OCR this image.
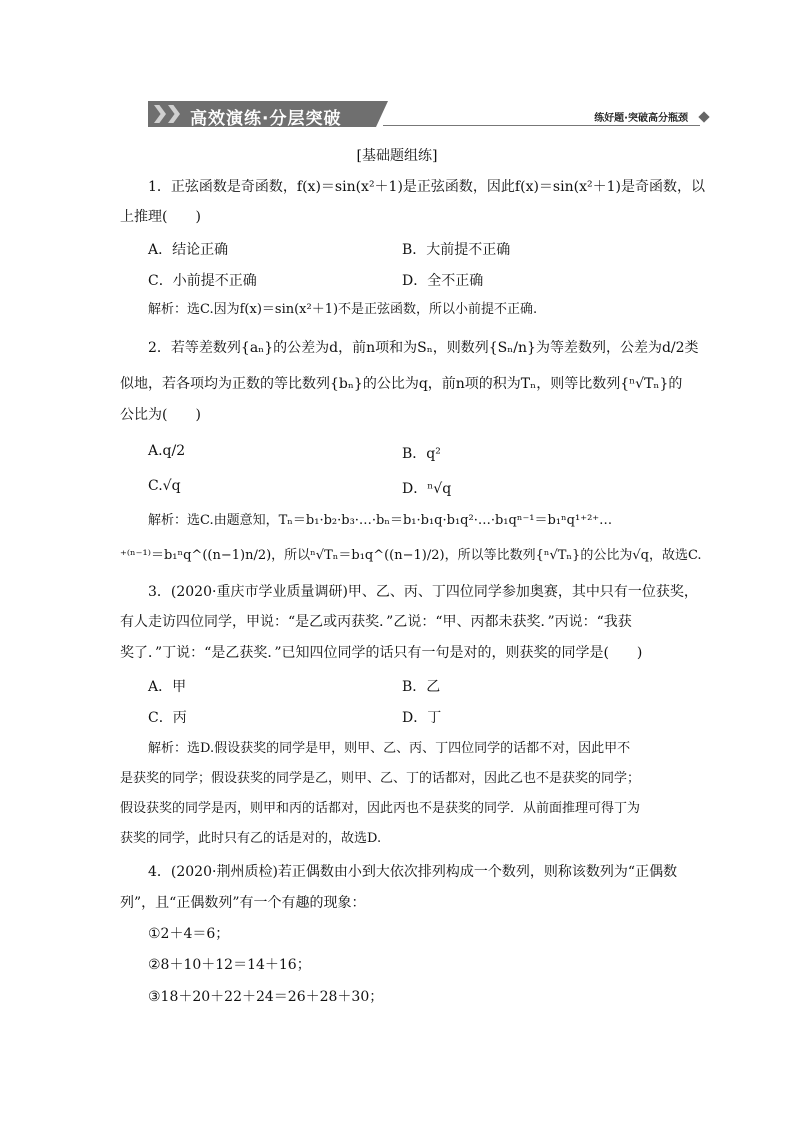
高效演练·分层突破	练好题·突破高分瓶颈
[基础题组练]
1．正弦函数是奇函数，f(x)＝sin(x²＋1)是正弦函数，因此f(x)＝sin(x²＋1)是奇函数，以
上推理(　　)
A．结论正确	B．大前提不正确
C．小前提不正确	D．全不正确
解析：选C.因为f(x)＝sin(x²＋1)不是正弦函数，所以小前提不正确.
2．若等差数列{aₙ}的公差为d，前n项和为Sₙ，则数列{Sₙ/n}为等差数列，公差为d/2类
似地，若各项均为正数的等比数列{bₙ}的公比为q，前n项的积为Tₙ，则等比数列{ⁿ√Tₙ}的
公比为(　　)
A.q/2	B．q²
C.√q	D．ⁿ√q
解析：选C.由题意知，Tₙ＝b₁·b₂·b₃·…·bₙ＝b₁·b₁q·b₁q²·…·b₁qⁿ⁻¹＝b₁ⁿq¹⁺²⁺…
⁺⁽ⁿ⁻¹⁾＝b₁ⁿq^((n−1)n/2)，所以ⁿ√Tₙ＝b₁q^((n−1)/2)，所以等比数列{ⁿ√Tₙ}的公比为√q，故选C.
3．(2020·重庆市学业质量调研)甲、乙、丙、丁四位同学参加奥赛，其中只有一位获奖，
有人走访四位同学，甲说：“是乙或丙获奖．”乙说：“甲、丙都未获奖．”丙说：“我获
奖了．”丁说：“是乙获奖．”已知四位同学的话只有一句是对的，则获奖的同学是(　　)
A．甲	B．乙
C．丙	D．丁
解析：选D.假设获奖的同学是甲，则甲、乙、丙、丁四位同学的话都不对，因此甲不
是获奖的同学；假设获奖的同学是乙，则甲、乙、丁的话都对，因此乙也不是获奖的同学；
假设获奖的同学是丙，则甲和丙的话都对，因此丙也不是获奖的同学．从前面推理可得丁为
获奖的同学，此时只有乙的话是对的，故选D.
4．(2020·荆州质检)若正偶数由小到大依次排列构成一个数列，则称该数列为“正偶数
列”，且“正偶数列”有一个有趣的现象：
①2＋4＝6；
②8＋10＋12＝14＋16；
③18＋20＋22＋24＝26＋28＋30；
